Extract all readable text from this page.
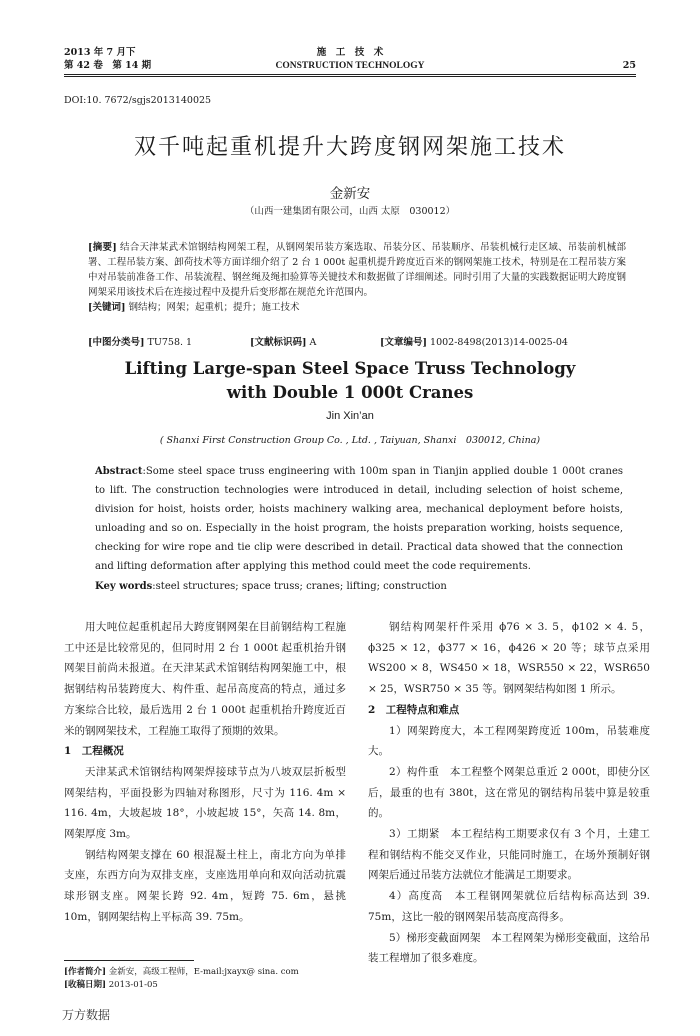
2013 年 7 月下
第 42 卷　第 14 期
施　工　技　术
CONSTRUCTION TECHNOLOGY	25
DOI:10. 7672/sgjs2013140025
双千吨起重机提升大跨度钢网架施工技术
金新安
（山西一建集团有限公司，山西 太原　030012）
[摘要] 结合天津某武术馆钢结构网架工程，从钢网架吊装方案选取、吊装分区、吊装顺序、吊装机械行走区域、吊装前机械部署、工程吊装方案、卸荷技术等方面详细介绍了 2 台 1 000t 起重机提升跨度近百米的钢网架施工技术，特别是在工程吊装方案中对吊装前准备工作、吊装流程、钢丝绳及绳扣验算等关键技术和数据做了详细阐述。同时引用了大量的实践数据证明大跨度钢网架采用该技术后在连接过程中及提升后变形都在规范允许范围内。
[关键词] 钢结构；网架；起重机；提升；施工技术
[中图分类号] TU758. 1	[文献标识码] A	[文章编号] 1002-8498(2013)14-0025-04
Lifting Large-span Steel Space Truss Technology
with Double 1 000t Cranes
Jin Xin’an
( Shanxi First Construction Group Co. , Ltd. , Taiyuan, Shanxi　030012, China)
Abstract:Some steel space truss engineering with 100m span in Tianjin applied double 1 000t cranes to lift. The construction technologies were introduced in detail, including selection of hoist scheme, division for hoist, hoists order, hoists machinery walking area, mechanical deployment before hoists, unloading and so on. Especially in the hoist program, the hoists preparation working, hoists sequence, checking for wire rope and tie clip were described in detail. Practical data showed that the connection and lifting deformation after applying this method could meet the code requirements.
Key words:steel structures; space truss; cranes; lifting; construction

用大吨位起重机起吊大跨度钢网架在目前钢结构工程施工中还是比较常见的，但同时用 2 台 1 000t 起重机抬升钢网架目前尚未报道。在天津某武术馆钢结构网架施工中，根据钢结构吊装跨度大、构件重、起吊高度高的特点，通过多方案综合比较，最后选用 2 台 1 000t 起重机抬升跨度近百米的钢网架技术，工程施工取得了预期的效果。

1　工程概况

天津某武术馆钢结构网架焊接球节点为八坡双层折板型网架结构，平面投影为四轴对称图形，尺寸为 116. 4m × 116. 4m，大坡起坡 18°，小坡起坡 15°，矢高 14. 8m，网架厚度 3m。

钢结构网架支撑在 60 根混凝土柱上，南北方向为单排支座，东西方向为双排支座，支座选用单向和双向活动抗震球形钢支座。网架长跨 92. 4m，短跨 75. 6m，悬挑 10m，钢网架结构上平标高 39. 75m。

钢结构网架杆件采用 ϕ76 × 3. 5，ϕ102 × 4. 5，ϕ325 × 12，ϕ377 × 16，ϕ426 × 20 等；球节点采用 WS200 × 8，WS450 × 18，WSR550 × 22，WSR650 × 25，WSR750 × 35 等。钢网架结构如图 1 所示。

2　工程特点和难点

1）网架跨度大，本工程网架跨度近 100m，吊装难度大。

2）构件重　本工程整个网架总重近 2 000t，即使分区后，最重的也有 380t，这在常见的钢结构吊装中算是较重的。

3）工期紧　本工程结构工期要求仅有 3 个月，土建工程和钢结构不能交叉作业，只能同时施工，在场外预制好钢网架后通过吊装方法就位才能满足工期要求。

4）高度高　本工程钢网架就位后结构标高达到 39. 75m，这比一般的钢网架吊装高度高得多。

5）梯形变截面网架　本工程网架为梯形变截面，这给吊装工程增加了很多难度。

[作者简介] 金新安，高级工程师，E-mail:jxayx@ sina. com
[收稿日期] 2013-01-05
万方数据
